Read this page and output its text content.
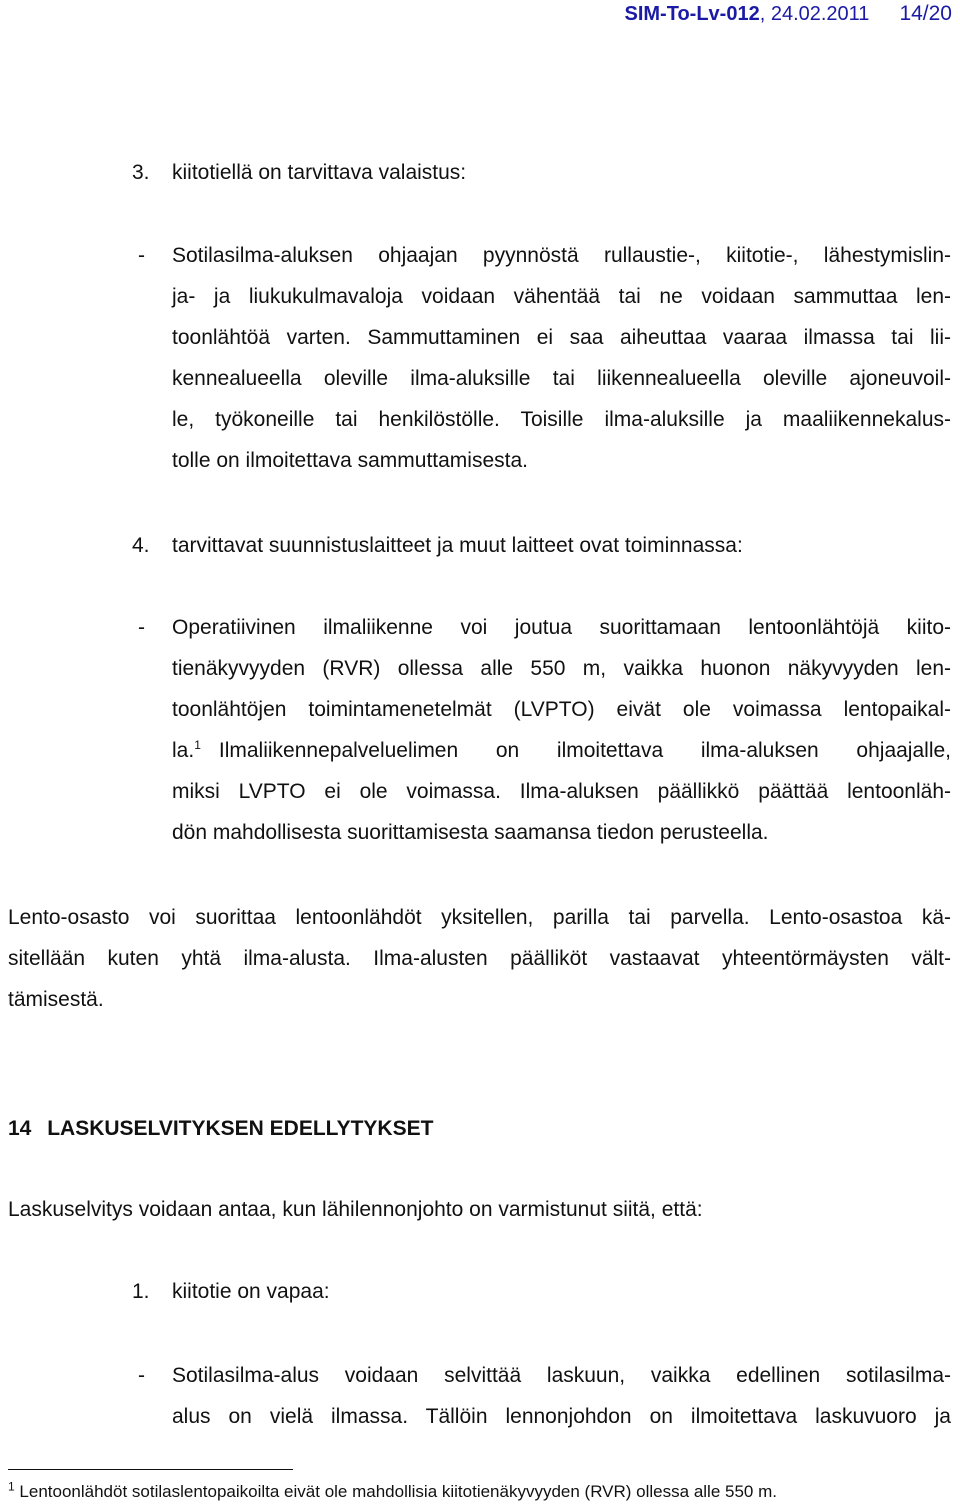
SIM-To-Lv-012, 24.02.2011 14/20
3. kiitotiellä on tarvittava valaistus:
- Sotilasilma-aluksen ohjaajan pyynnöstä rullaustie-, kiitotie-, lähestymislin-
ja- ja liukukulmavaloja voidaan vähentää tai ne voidaan sammuttaa len-
toonlähtöä varten. Sammuttaminen ei saa aiheuttaa vaaraa ilmassa tai lii-
kennealueella oleville ilma-aluksille tai liikennealueella oleville ajoneuvoil-
le, työkoneille tai henkilöstölle. Toisille ilma-aluksille ja maaliikennekalus-
tolle on ilmoitettava sammuttamisesta.
4. tarvittavat suunnistuslaitteet ja muut laitteet ovat toiminnassa:
- Operatiivinen ilmaliikenne voi joutua suorittamaan lentoonlähtöjä kiito-
tienäkyvyyden (RVR) ollessa alle 550 m, vaikka huonon näkyvyyden len-
toonlähtöjen toimintamenetelmät (LVPTO) eivät ole voimassa lentopaikal-
la.$^1$ Ilmaliikennepalveluelimen on ilmoitettava ilma-aluksen ohjaajalle,
miksi LVPTO ei ole voimassa. Ilma-aluksen päällikkö päättää lentoonläh-
dön mahdollisesta suorittamisesta saamansa tiedon perusteella.
Lento-osasto voi suorittaa lentoonlähdöt yksitellen, parilla tai parvella. Lento-osastoa kä-
sitellään kuten yhtä ilma-alusta. Ilma-alusten päälliköt vastaavat yhteentörmäysten vält-
tämisestä.
14 LASKUSELVITYKSEN EDELLYTYKSET
Laskuselvitys voidaan antaa, kun lähilennonjohto on varmistunut siitä, että:
1. kiitotie on vapaa:
- Sotilasilma-alus voidaan selvittää laskuun, vaikka edellinen sotilasilma-
alus on vielä ilmassa. Tällöin lennonjohdon on ilmoitettava laskuvuoro ja
$^1$ Lentoonlähdöt sotilaslentopaikoilta eivät ole mahdollisia kiitotienäkyvyyden (RVR) ollessa alle 550 m.
